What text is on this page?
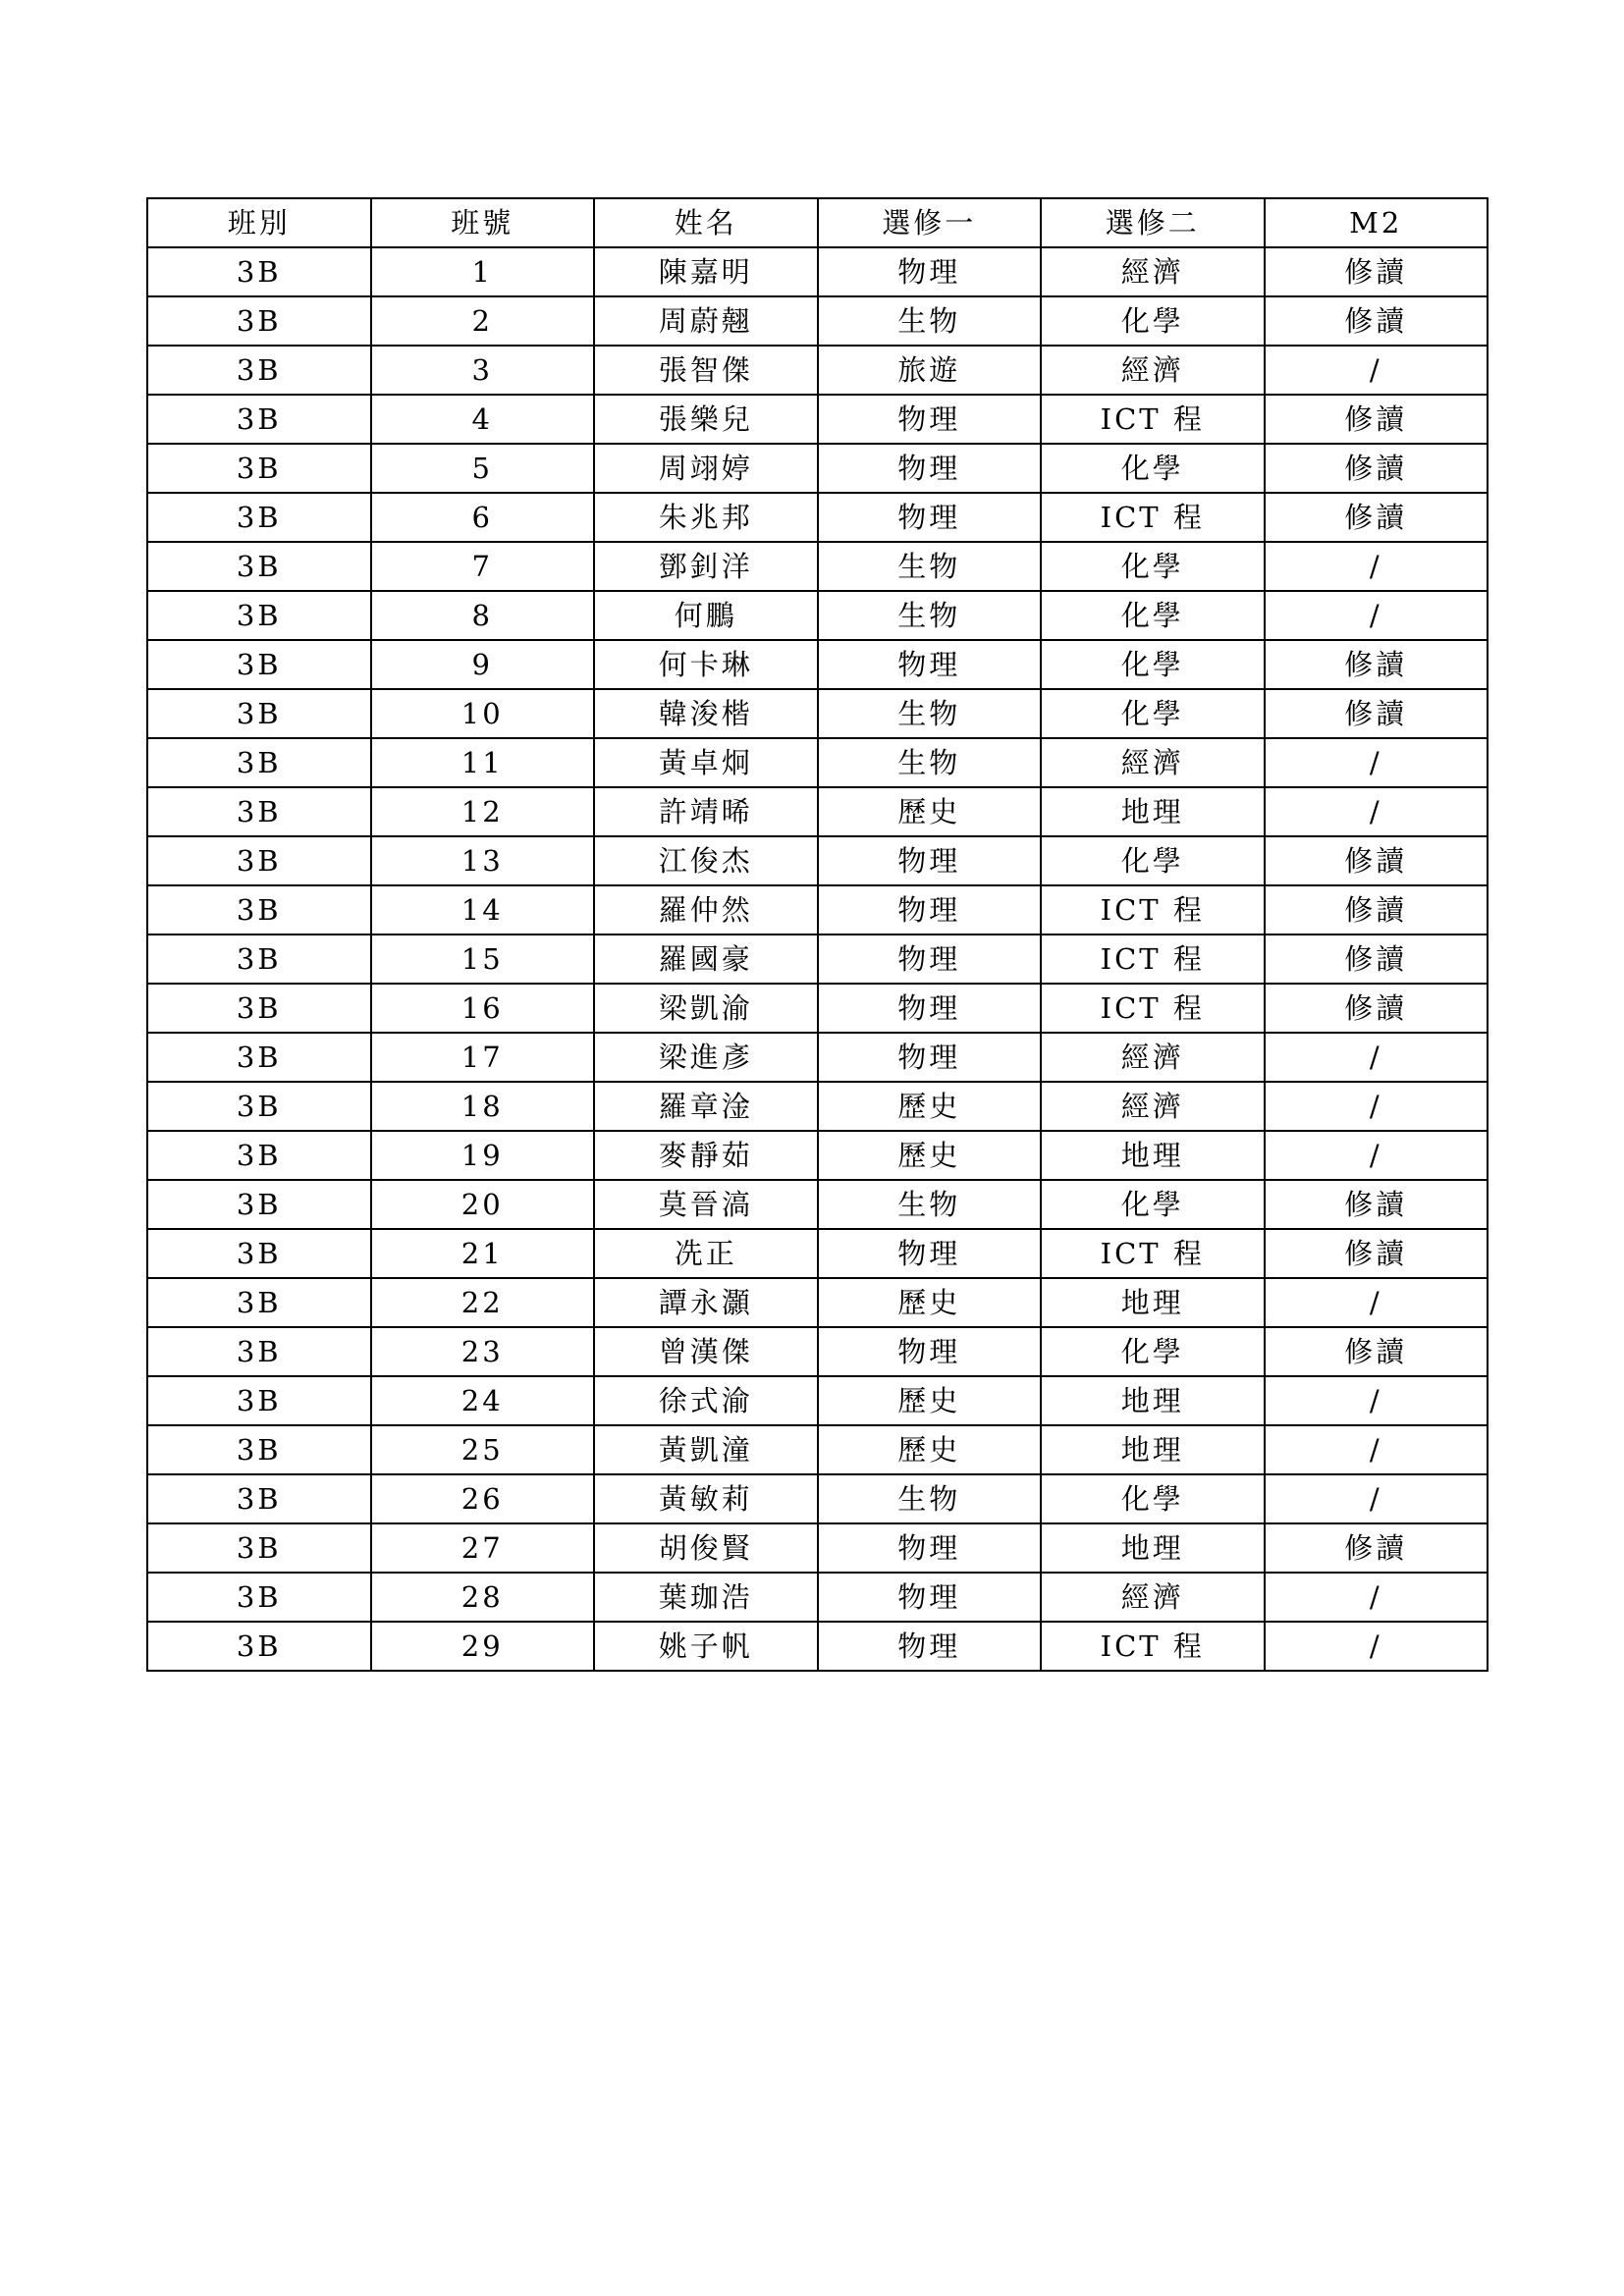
班別	班號	姓名	選修一	選修二	M2
3B	1	陳嘉明	物理	經濟	修讀
3B	2	周蔚翹	生物	化學	修讀
3B	3	張智傑	旅遊	經濟	/
3B	4	張樂兒	物理	ICT 程	修讀
3B	5	周翊婷	物理	化學	修讀
3B	6	朱兆邦	物理	ICT 程	修讀
3B	7	鄧釗洋	生物	化學	/
3B	8	何鵬	生物	化學	/
3B	9	何卡琳	物理	化學	修讀
3B	10	韓浚楷	生物	化學	修讀
3B	11	黃卓炯	生物	經濟	/
3B	12	許靖晞	歷史	地理	/
3B	13	江俊杰	物理	化學	修讀
3B	14	羅仲然	物理	ICT 程	修讀
3B	15	羅國豪	物理	ICT 程	修讀
3B	16	梁凱渝	物理	ICT 程	修讀
3B	17	梁進彥	物理	經濟	/
3B	18	羅章淦	歷史	經濟	/
3B	19	麥靜茹	歷史	地理	/
3B	20	莫晉滈	生物	化學	修讀
3B	21	冼正	物理	ICT 程	修讀
3B	22	譚永灝	歷史	地理	/
3B	23	曾漢傑	物理	化學	修讀
3B	24	徐式渝	歷史	地理	/
3B	25	黃凱潼	歷史	地理	/
3B	26	黃敏莉	生物	化學	/
3B	27	胡俊賢	物理	地理	修讀
3B	28	葉珈浩	物理	經濟	/
3B	29	姚子帆	物理	ICT 程	/
